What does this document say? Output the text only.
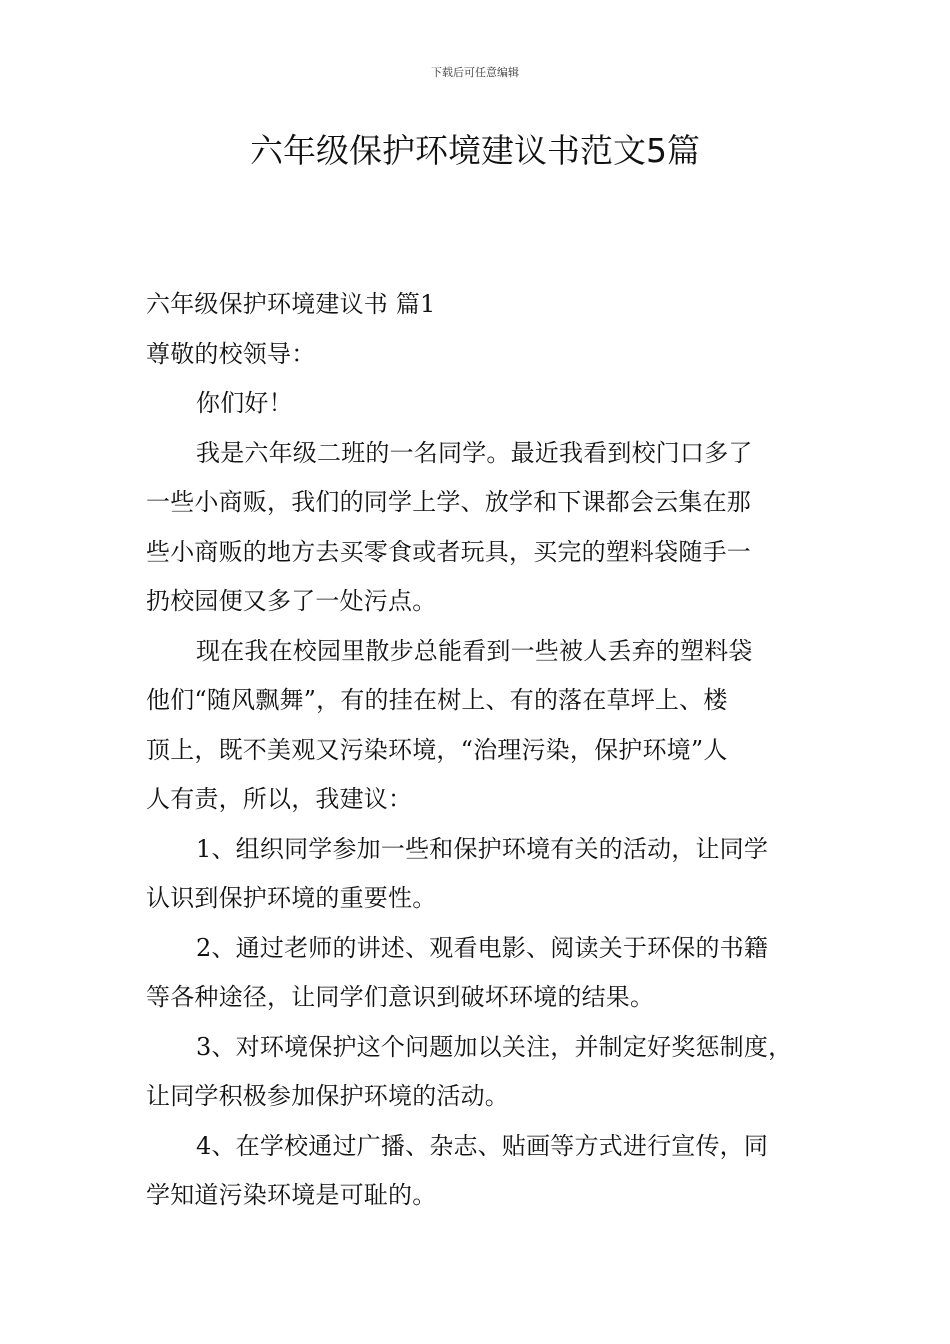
下载后可任意编辑
六年级保护环境建议书范文5篇
六年级保护环境建议书 篇1
尊敬的校领导：
你们好！
我是六年级二班的一名同学。最近我看到校门口多了
一些小商贩，我们的同学上学、放学和下课都会云集在那
些小商贩的地方去买零食或者玩具，买完的塑料袋随手一
扔校园便又多了一处污点。
现在我在校园里散步总能看到一些被人丢弃的塑料袋
他们“随风飘舞”，有的挂在树上、有的落在草坪上、楼
顶上，既不美观又污染环境，“治理污染，保护环境”人
人有责，所以，我建议：
1、组织同学参加一些和保护环境有关的活动，让同学
认识到保护环境的重要性。
2、通过老师的讲述、观看电影、阅读关于环保的书籍
等各种途径，让同学们意识到破坏环境的结果。
3、对环境保护这个问题加以关注，并制定好奖惩制度，
让同学积极参加保护环境的活动。
4、在学校通过广播、杂志、贴画等方式进行宣传，同
学知道污染环境是可耻的。
